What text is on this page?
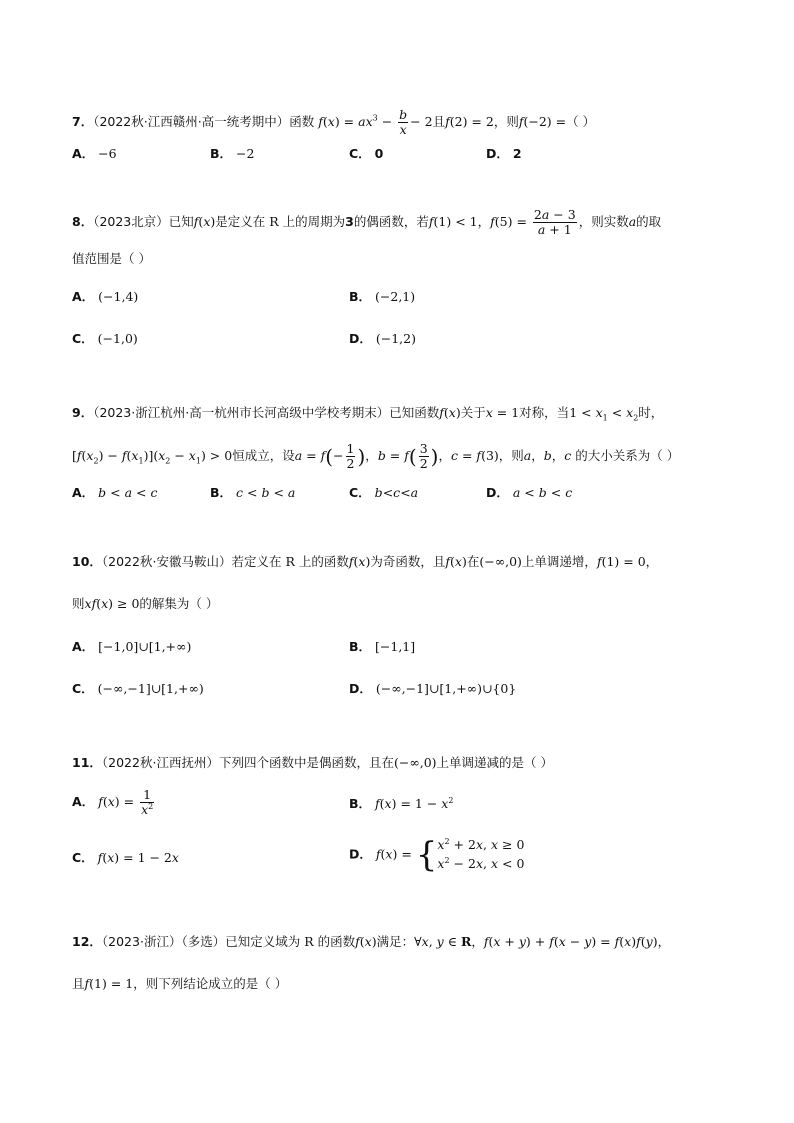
7．（2022秋·江西赣州·高一统考期中）函数 $f(x) = ax^3 - \frac{b}{x} - 2$且f(2) = 2，则f(−2) =（ ）
A． −6	B． −2	C． 0	D． 2
8．（2023北京）已知f(x)是定义在 R 上的周期为3的偶函数，若f(1) < 1，$f(5) = \frac{2a - 3}{a + 1}$ ，则实数a的取
值范围是（ ）
A． (−1,4)	B． (−2,1)
C． (−1,0)	D． (−1,2)
9．（2023·浙江杭州·高一杭州市长河高级中学校考期末）已知函数f(x)关于x = 1对称，当$1 < x_1 < x_2$时，
$[f(x_2) - f(x_1)](x_2 - x_1) > 0$恒成立，设$a = f(- \frac{1}{2}$ )，$b = f( \frac{3}{2}$ )，c = f(3)，则a，b，c 的大小关系为（ ）
A． b < a < c	B． c < b < a	C． b<c<a	D． a < b < c
10．（2022秋·安徽马鞍山）若定义在 R 上的函数f(x)为奇函数，且f(x)在(−∞,0)上单调递增，f(1) = 0，
则xf(x) ≥ 0的解集为（ ）
A． [−1,0]∪[1,+∞)	B． [−1,1]
C． (−∞,−1]∪[1,+∞)	D． (−∞,−1]∪[1,+∞)∪{0}
11．（2022秋·江西抚州）下列四个函数中是偶函数，且在(−∞,0)上单调递减的是（ ）
A． $f(x) = \frac{1}{x^2}$	B． $f(x) = 1 - x^2$
C． f(x) = 1 − 2x	D． f(x) = { $x^2 + 2x$, x ≥ 0
$x^2 - 2x$, x < 0
12．（2023·浙江）（多选）已知定义域为 R 的函数f(x)满足：∀x, y ∈ R，f(x + y) + f(x − y) = f(x)f(y)，
且f(1) = 1，则下列结论成立的是（ ）
